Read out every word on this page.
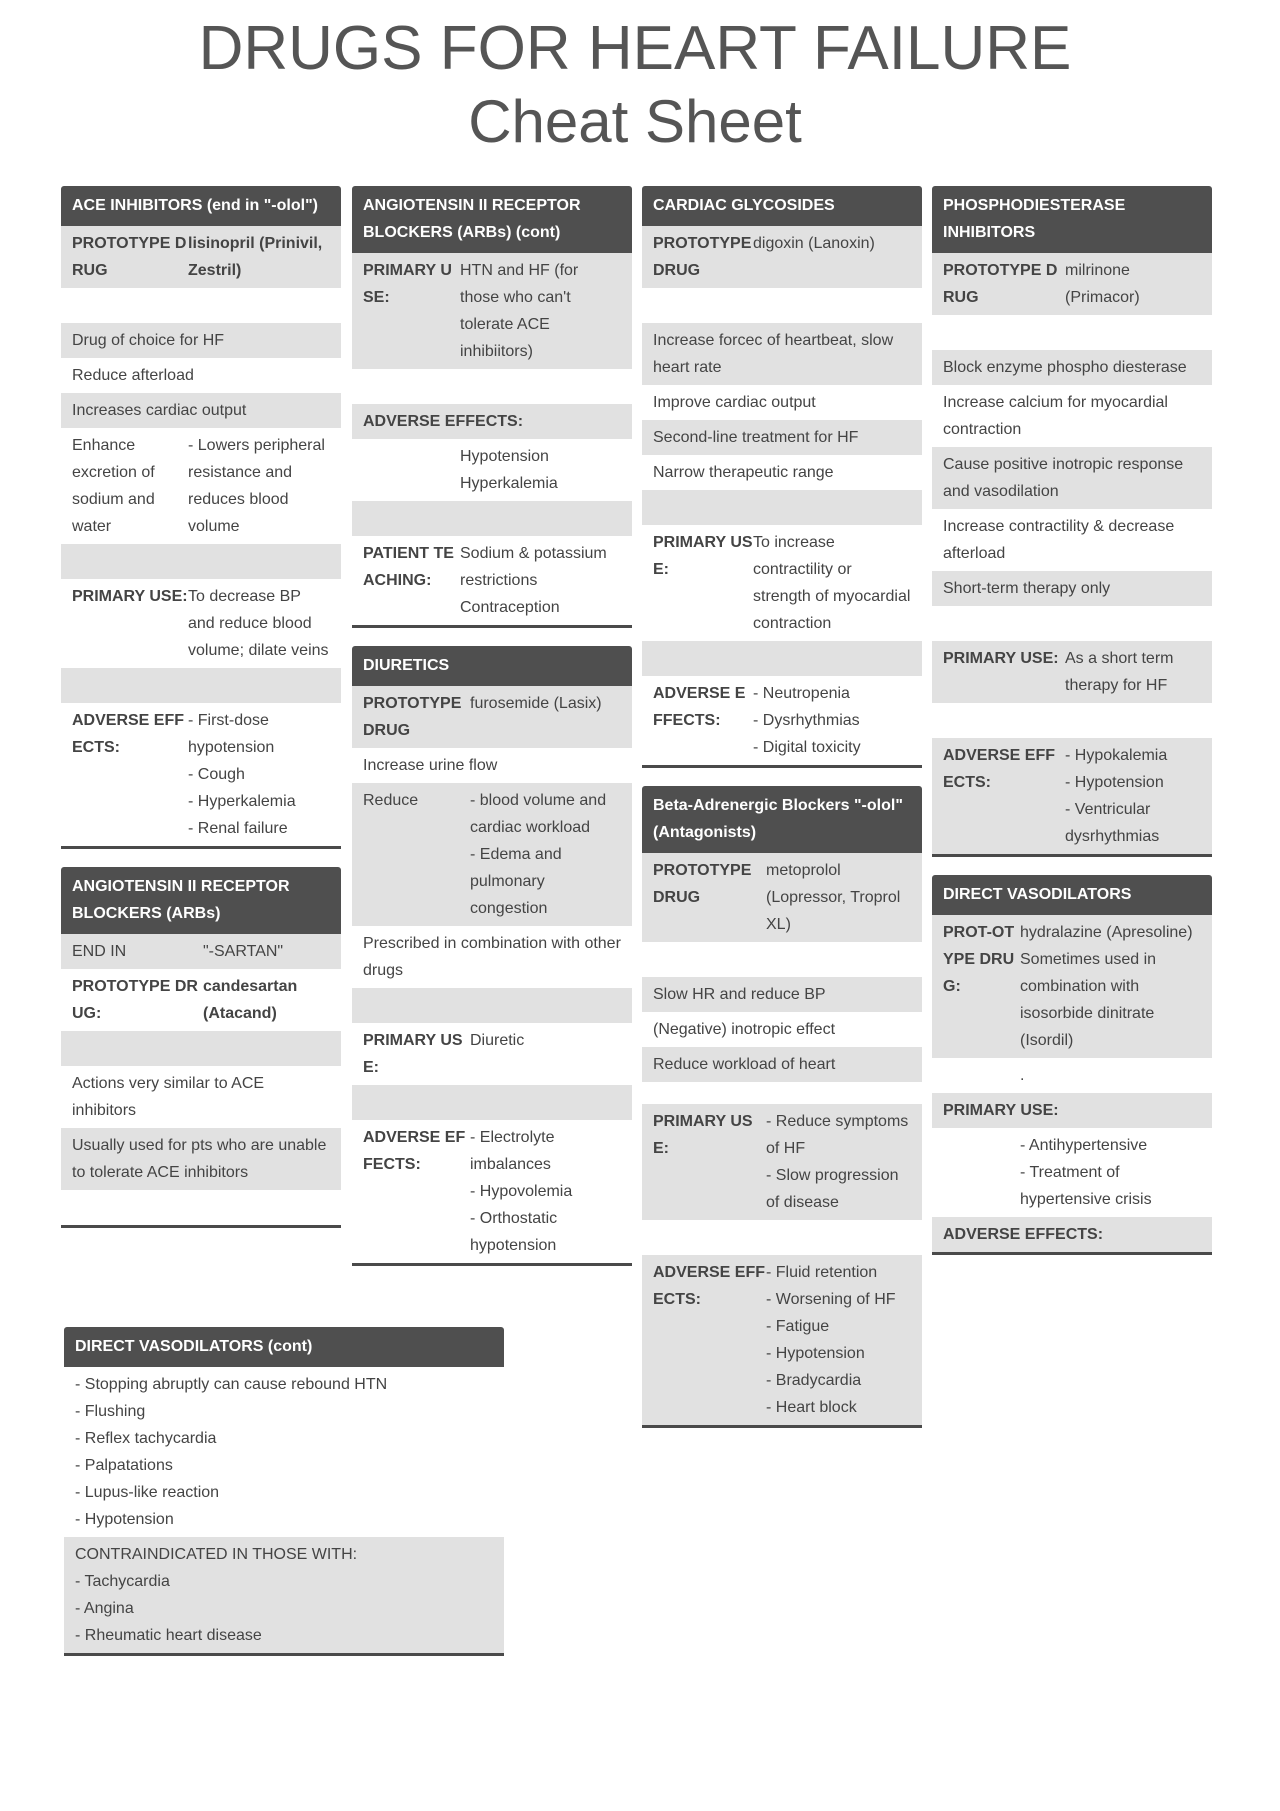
DRUGS FOR HEART FAILURE
Cheat Sheet
ACE INHIBITORS (end in "-olol")
PROTOTYPE DRUG
lisinopril (Prinivil, Zestril)
Drug of choice for HF
Reduce afterload
Increases cardiac output
Enhance excretion of sodium and water
- Lowers peripheral resistance and reduces blood volume
PRIMARY USE: To decrease BP and reduce blood volume; dilate veins
ADVERSE EFFECTS:
- First-dose hypotension
- Cough
- Hyperkalemia
- Renal failure
ANGIOTENSIN II RECEPTOR BLOCKERS (ARBs)
END IN	"-SARTAN"
PROTOTYPE DRUG:
candesartan (Atacand)
Actions very similar to ACE inhibitors
Usually used for pts who are unable to tolerate ACE inhibitors
ANGIOTENSIN II RECEPTOR BLOCKERS (ARBs) (cont)
PRIMARY USE:
HTN and HF (for those who can't tolerate ACE inhibiitors)
ADVERSE EFFECTS:
Hypotension
Hyperkalemia
PATIENT TEACHING:
Sodium & potassium restrictions
Contraception
DIURETICS
PROTOTYPE DRUG
furosemide (Lasix)
Increase urine flow
Reduce	- blood volume and cardiac workload
- Edema and pulmonary congestion
Prescribed in combination with other drugs
PRIMARY USE:
Diuretic
ADVERSE EFFECTS:
- Electrolyte imbalances
- Hypovolemia
- Orthostatic hypotension
CARDIAC GLYCOSIDES
PROTOTYPE DRUG
digoxin (Lanoxin)
Increase forcec of heartbeat, slow heart rate
Improve cardiac output
Second-line treatment for HF
Narrow therapeutic range
PRIMARY USE:
To increase contractility or strength of myocardial contraction
ADVERSE EFFECTS:
- Neutropenia
- Dysrhythmias
- Digital toxicity
Beta-Adrenergic Blockers "-olol" (Antagonists)
PROTOTYPE DRUG
metoprolol (Lopressor, Troprol XL)
Slow HR and reduce BP
(Negative) inotropic effect
Reduce workload of heart
PRIMARY USE:
- Reduce symptoms of HF
- Slow progression of disease
ADVERSE EFFECTS:
- Fluid retention
- Worsening of HF
- Fatigue
- Hypotension
- Bradycardia
- Heart block
PHOSPHODIESTERASE INHIBITORS
PROTOTYPE DRUG
milrinone (Primacor)
Block enzyme phospho diesterase
Increase calcium for myocardial contraction
Cause positive inotropic response and vasodilation
Increase contractility & decrease afterload
Short-term therapy only
PRIMARY USE: As a short term therapy for HF
ADVERSE EFFECTS:
- Hypokalemia
- Hypotension
- Ventricular dysrhythmias
DIRECT VASODILATORS
PROT-OTYPE DRUG:
hydralazine (Apresoline)
Sometimes used in combination with isosorbide dinitrate (Isordil)
.
PRIMARY USE:
- Antihypertensive
- Treatment of hypertensive crisis
ADVERSE EFFECTS:
DIRECT VASODILATORS (cont)
- Stopping abruptly can cause rebound HTN
- Flushing
- Reflex tachycardia
- Palpatations
- Lupus-like reaction
- Hypotension
CONTRAINDICATED IN THOSE WITH:
- Tachycardia
- Angina
- Rheumatic heart disease
